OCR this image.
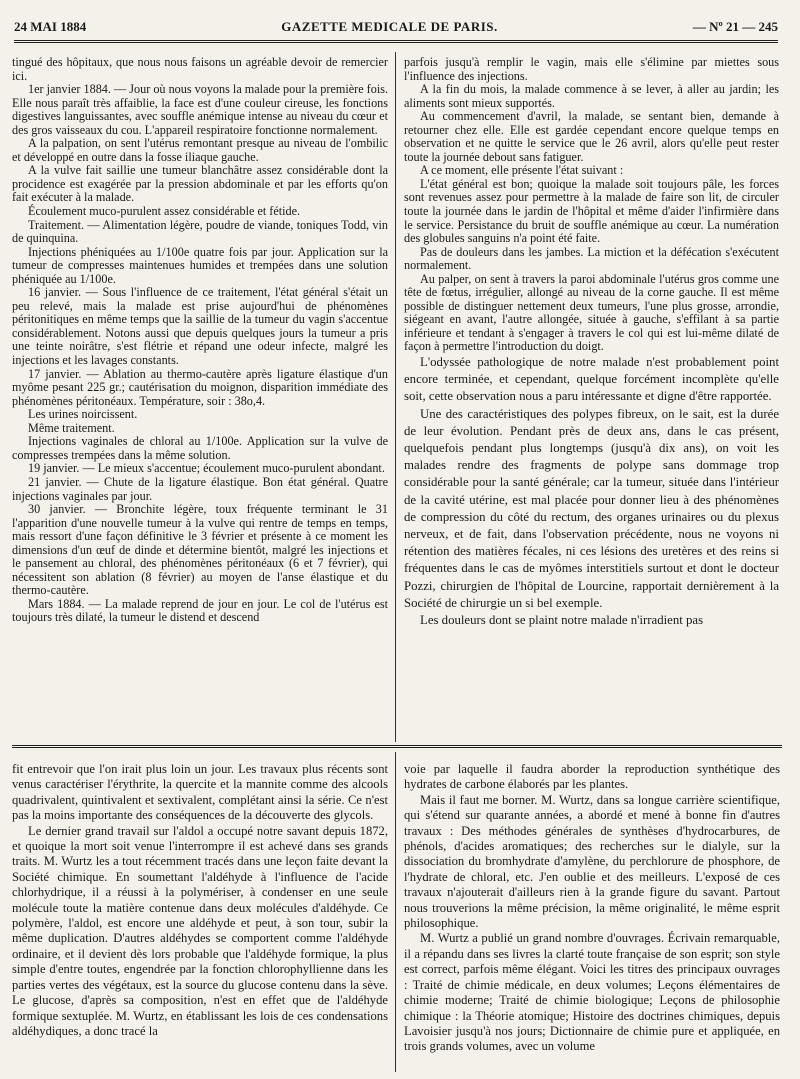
24 MAI 1884	GAZETTE MEDICALE DE PARIS.	— Nº 21 — 245

tingué des hôpitaux, que nous nous faisons un agréable devoir de remercier ici.

1er janvier 1884. — Jour où nous voyons la malade pour la première fois. Elle nous paraît très affaiblie, la face est d'une couleur cireuse, les fonctions digestives languissantes, avec souffle anémique intense au niveau du cœur et des gros vaisseaux du cou. L'appareil respiratoire fonctionne normalement.

A la palpation, on sent l'utérus remontant presque au niveau de l'ombilic et développé en outre dans la fosse iliaque gauche.

A la vulve fait saillie une tumeur blanchâtre assez considérable dont la procidence est exagérée par la pression abdominale et par les efforts qu'on fait exécuter à la malade.

Écoulement muco-purulent assez considérable et fétide.

Traitement. — Alimentation légère, poudre de viande, toniques Todd, vin de quinquina.

Injections phéniquées au 1/100e quatre fois par jour. Application sur la tumeur de compresses maintenues humides et trempées dans une solution phéniquée au 1/100e.

16 janvier. — Sous l'influence de ce traitement, l'état général s'était un peu relevé, mais la malade est prise aujourd'hui de phénomènes péritonitiques en même temps que la saillie de la tumeur du vagin s'accentue considérablement. Notons aussi que depuis quelques jours la tumeur a pris une teinte noirâtre, s'est flétrie et répand une odeur infecte, malgré les injections et les lavages constants.

17 janvier. — Ablation au thermo-cautère après ligature élastique d'un myôme pesant 225 gr.; cautérisation du moignon, disparition immédiate des phénomènes péritonéaux. Température, soir : 38o,4.

Les urines noircissent.

Même traitement.

Injections vaginales de chloral au 1/100e. Application sur la vulve de compresses trempées dans la même solution.

19 janvier. — Le mieux s'accentue; écoulement muco-purulent abondant.

21 janvier. — Chute de la ligature élastique. Bon état général. Quatre injections vaginales par jour.

30 janvier. — Bronchite légère, toux fréquente terminant le 31 l'apparition d'une nouvelle tumeur à la vulve qui rentre de temps en temps, mais ressort d'une façon définitive le 3 février et présente à ce moment les dimensions d'un œuf de dinde et détermine bientôt, malgré les injections et le pansement au chloral, des phénomènes péritonéaux (6 et 7 février), qui nécessitent son ablation (8 février) au moyen de l'anse élastique et du thermo-cautère.

Mars 1884. — La malade reprend de jour en jour. Le col de l'utérus est toujours très dilaté, la tumeur le distend et descend

parfois jusqu'à remplir le vagin, mais elle s'élimine par miettes sous l'influence des injections.

A la fin du mois, la malade commence à se lever, à aller au jardin; les aliments sont mieux supportés.

Au commencement d'avril, la malade, se sentant bien, demande à retourner chez elle. Elle est gardée cependant encore quelque temps en observation et ne quitte le service que le 26 avril, alors qu'elle peut rester toute la journée debout sans fatiguer.

A ce moment, elle présente l'état suivant :

L'état général est bon; quoique la malade soit toujours pâle, les forces sont revenues assez pour permettre à la malade de faire son lit, de circuler toute la journée dans le jardin de l'hôpital et même d'aider l'infirmière dans le service. Persistance du bruit de souffle anémique au cœur. La numération des globules sanguins n'a point été faite.

Pas de douleurs dans les jambes. La miction et la défécation s'exécutent normalement.

Au palper, on sent à travers la paroi abdominale l'utérus gros comme une tête de fœtus, irrégulier, allongé au niveau de la corne gauche. Il est même possible de distinguer nettement deux tumeurs, l'une plus grosse, arrondie, siégeant en avant, l'autre allongée, située à gauche, s'effilant à sa partie inférieure et tendant à s'engager à travers le col qui est lui-même dilaté de façon à permettre l'introduction du doigt.

L'odyssée pathologique de notre malade n'est probablement point encore terminée, et cependant, quelque forcément incomplète qu'elle soit, cette observation nous a paru intéressante et digne d'être rapportée.

Une des caractéristiques des polypes fibreux, on le sait, est la durée de leur évolution. Pendant près de deux ans, dans le cas présent, quelquefois pendant plus longtemps (jusqu'à dix ans), on voit les malades rendre des fragments de polype sans dommage trop considérable pour la santé générale; car la tumeur, située dans l'intérieur de la cavité utérine, est mal placée pour donner lieu à des phénomènes de compression du côté du rectum, des organes urinaires ou du plexus nerveux, et de fait, dans l'observation précédente, nous ne voyons ni rétention des matières fécales, ni ces lésions des uretères et des reins si fréquentes dans le cas de myômes interstitiels surtout et dont le docteur Pozzi, chirurgien de l'hôpital de Lourcine, rapportait dernièrement à la Société de chirurgie un si bel exemple.

Les douleurs dont se plaint notre malade n'irradient pas

fit entrevoir que l'on irait plus loin un jour. Les travaux plus récents sont venus caractériser l'érythrite, la quercite et la mannite comme des alcools quadrivalent, quintivalent et sextivalent, complétant ainsi la série. Ce n'est pas la moins importante des conséquences de la découverte des glycols.

Le dernier grand travail sur l'aldol a occupé notre savant depuis 1872, et quoique la mort soit venue l'interrompre il est achevé dans ses grands traits. M. Wurtz les a tout récemment tracés dans une leçon faite devant la Société chimique. En soumettant l'aldéhyde à l'influence de l'acide chlorhydrique, il a réussi à la polymériser, à condenser en une seule molécule toute la matière contenue dans deux molécules d'aldéhyde. Ce polymère, l'aldol, est encore une aldéhyde et peut, à son tour, subir la même duplication. D'autres aldéhydes se comportent comme l'aldéhyde ordinaire, et il devient dès lors probable que l'aldéhyde formique, la plus simple d'entre toutes, engendrée par la fonction chlorophyllienne dans les parties vertes des végétaux, est la source du glucose contenu dans la sève. Le glucose, d'après sa composition, n'est en effet que de l'aldéhyde formique sextuplée. M. Wurtz, en établissant les lois de ces condensations aldéhydiques, a donc tracé la

voie par laquelle il faudra aborder la reproduction synthétique des hydrates de carbone élaborés par les plantes.

Mais il faut me borner. M. Wurtz, dans sa longue carrière scientifique, qui s'étend sur quarante années, a abordé et mené à bonne fin d'autres travaux : Des méthodes générales de synthèses d'hydrocarbures, de phénols, d'acides aromatiques; des recherches sur le dialyle, sur la dissociation du bromhydrate d'amylène, du perchlorure de phosphore, de l'hydrate de chloral, etc. J'en oublie et des meilleurs. L'exposé de ces travaux n'ajouterait d'ailleurs rien à la grande figure du savant. Partout nous trouverions la même précision, la même originalité, le même esprit philosophique.

M. Wurtz a publié un grand nombre d'ouvrages. Écrivain remarquable, il a répandu dans ses livres la clarté toute française de son esprit; son style est correct, parfois même élégant. Voici les titres des principaux ouvrages : Traité de chimie médicale, en deux volumes; Leçons élémentaires de chimie moderne; Traité de chimie biologique; Leçons de philosophie chimique : la Théorie atomique; Histoire des doctrines chimiques, depuis Lavoisier jusqu'à nos jours; Dictionnaire de chimie pure et appliquée, en trois grands volumes, avec un volume
